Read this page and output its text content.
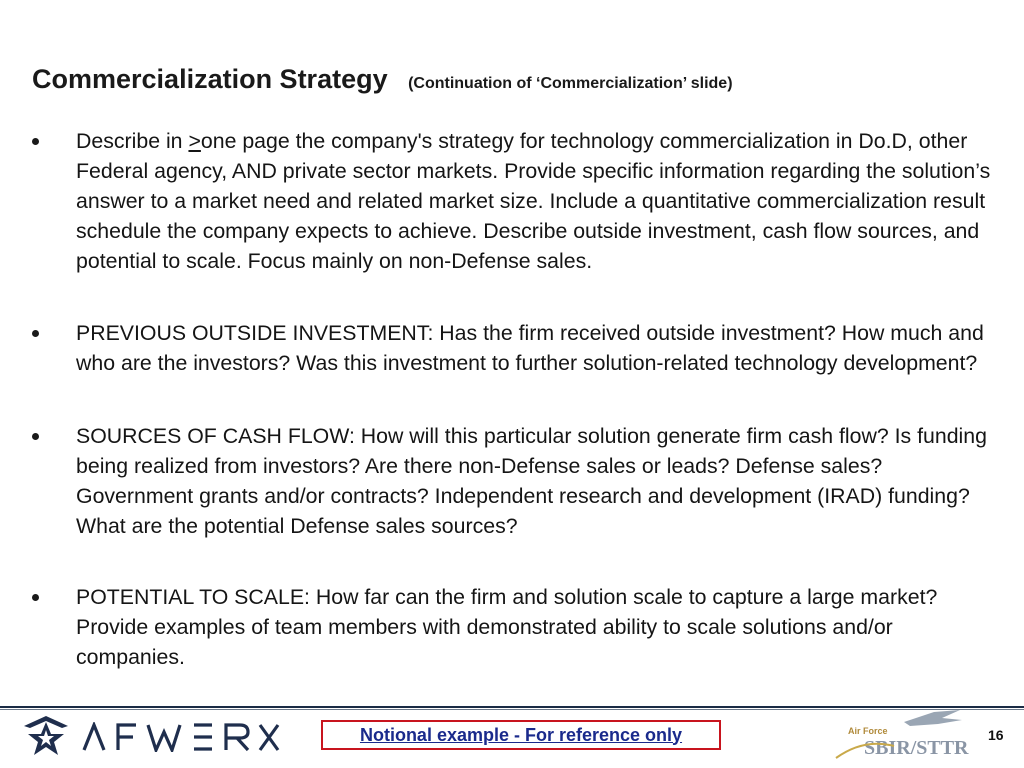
Commercialization Strategy (Continuation of ‘Commercialization’ slide)

Describe in >one page the company's strategy for technology commercialization in Do.D, other Federal agency, AND private sector markets. Provide specific information regarding the solution’s answer to a market need and related market size. Include a quantitative commercialization result schedule the company expects to achieve. Describe outside investment, cash flow sources, and potential to scale. Focus mainly on non-Defense sales.

PREVIOUS OUTSIDE INVESTMENT: Has the firm received outside investment? How much and who are the investors? Was this investment to further solution-related technology development?

SOURCES OF CASH FLOW: How will this particular solution generate firm cash flow? Is funding being realized from investors? Are there non-Defense sales or leads? Defense sales? Government grants and/or contracts? Independent research and development (IRAD) funding? What are the potential Defense sales sources?

POTENTIAL TO SCALE: How far can the firm and solution scale to capture a large market? Provide examples of team members with demonstrated ability to scale solutions and/or companies.

Notional example - For reference only	Air Force
SBIR/STTR
16
